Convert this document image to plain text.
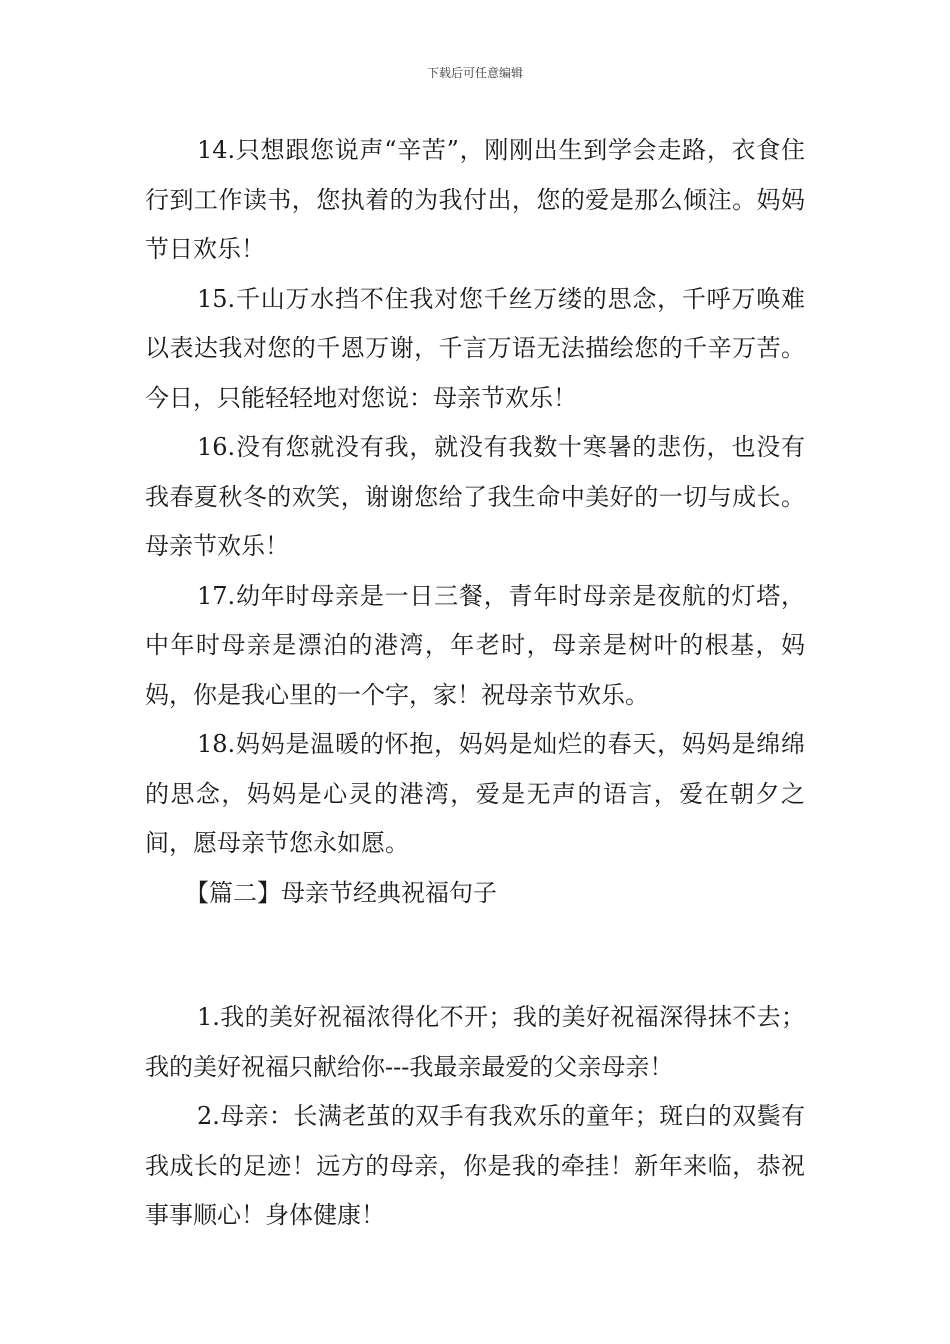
下载后可任意编辑

14.只想跟您说声“辛苦”，刚刚出生到学会走路，衣食住行到工作读书，您执着的为我付出，您的爱是那么倾注。妈妈节日欢乐！

15.千山万水挡不住我对您千丝万缕的思念，千呼万唤难以表达我对您的千恩万谢，千言万语无法描绘您的千辛万苦。今日，只能轻轻地对您说：母亲节欢乐！

16.没有您就没有我，就没有我数十寒暑的悲伤，也没有我春夏秋冬的欢笑，谢谢您给了我生命中美好的一切与成长。母亲节欢乐！

17.幼年时母亲是一日三餐，青年时母亲是夜航的灯塔，中年时母亲是漂泊的港湾，年老时，母亲是树叶的根基，妈妈，你是我心里的一个字，家！祝母亲节欢乐。

18.妈妈是温暖的怀抱，妈妈是灿烂的春天，妈妈是绵绵的思念，妈妈是心灵的港湾，爱是无声的语言，爱在朝夕之间，愿母亲节您永如愿。

【篇二】母亲节经典祝福句子

1.我的美好祝福浓得化不开；我的美好祝福深得抹不去；我的美好祝福只献给你---我最亲最爱的父亲母亲！

2.母亲：长满老茧的双手有我欢乐的童年；斑白的双鬓有我成长的足迹！远方的母亲，你是我的牵挂！新年来临，恭祝事事顺心！身体健康！
